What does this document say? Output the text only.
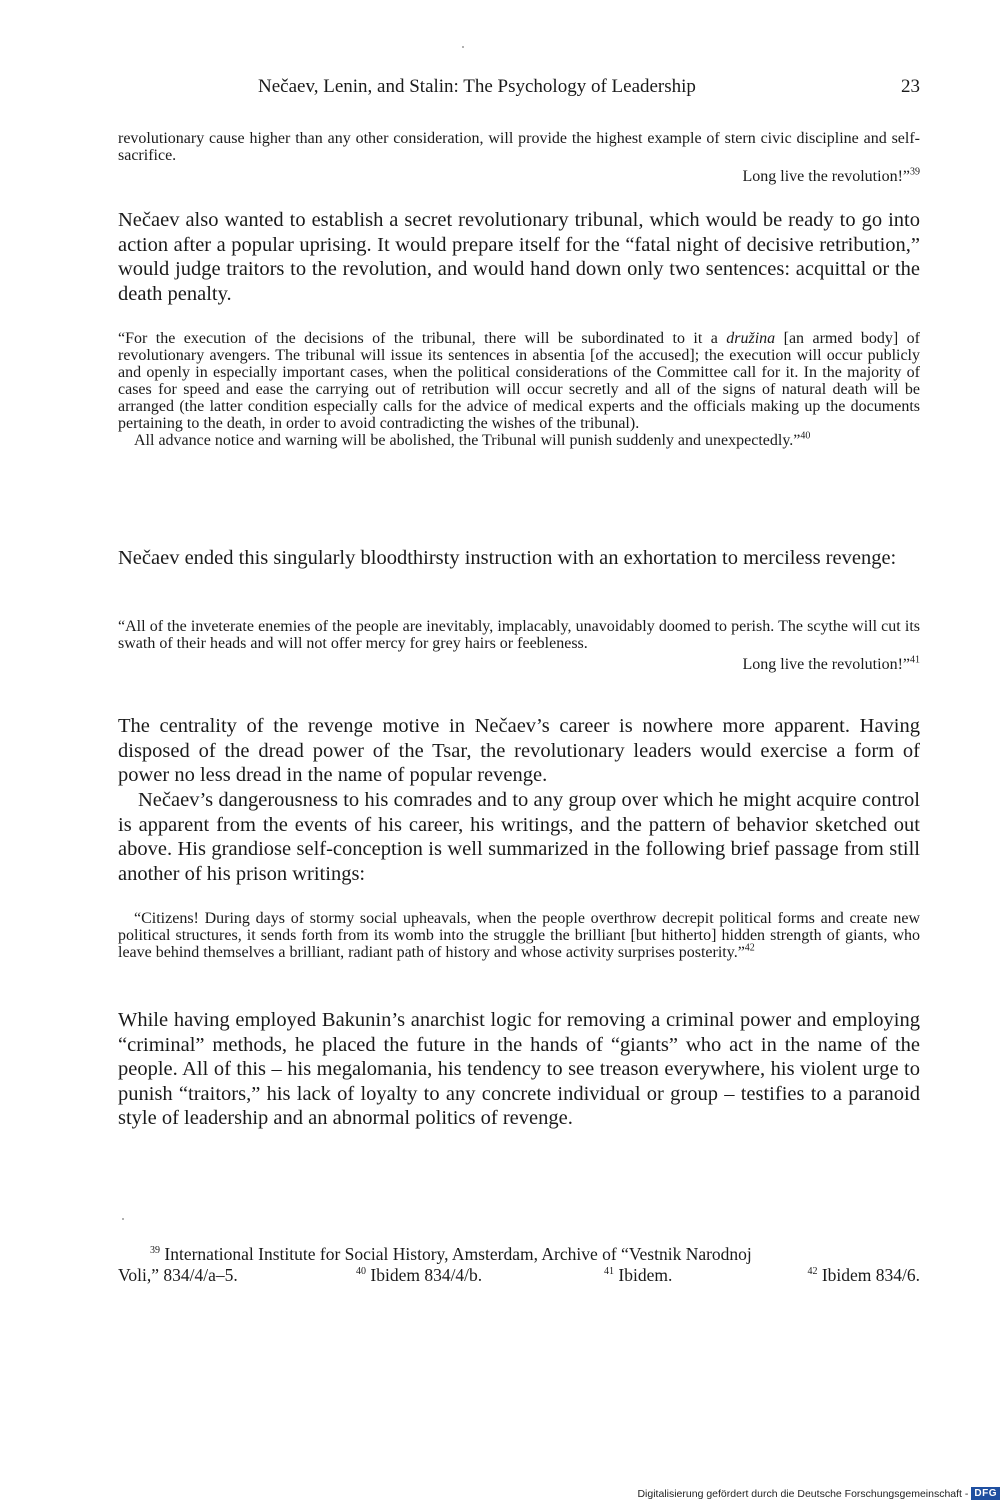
Nečaev, Lenin, and Stalin: The Psychology of Leadership	23

revolutionary cause higher than any other consideration, will provide the highest example of stern civic discipline and self-sacrifice.

Long live the revolution!”$^{39}$

Nečaev also wanted to establish a secret revolutionary tribunal, which would be ready to go into action after a popular uprising. It would prepare itself for the “fatal night of decisive retribution,” would judge traitors to the revolution, and would hand down only two sentences: acquittal or the death penalty.

“For the execution of the decisions of the tribunal, there will be subordinated to it a družina [an armed body] of revolutionary avengers. The tribunal will issue its sentences in absentia [of the accused]; the execution will occur publicly and openly in especially important cases, when the political considerations of the Committee call for it. In the majority of cases for speed and ease the carrying out of retribution will occur secretly and all of the signs of natural death will be arranged (the latter condition especially calls for the advice of medical experts and the officials making up the documents pertaining to the death, in order to avoid contradicting the wishes of the tribunal).

All advance notice and warning will be abolished, the Tribunal will punish suddenly and unexpectedly.”$^{40}$

Nečaev ended this singularly bloodthirsty instruction with an exhortation to merciless revenge:

“All of the inveterate enemies of the people are inevitably, implacably, unavoidably doomed to perish. The scythe will cut its swath of their heads and will not offer mercy for grey hairs or feebleness.

Long live the revolution!”$^{41}$

The centrality of the revenge motive in Nečaev’s career is nowhere more apparent. Having disposed of the dread power of the Tsar, the revolutionary leaders would exercise a form of power no less dread in the name of popular revenge.

Nečaev’s dangerousness to his comrades and to any group over which he might acquire control is apparent from the events of his career, his writings, and the pattern of behavior sketched out above. His grandiose self-conception is well summarized in the following brief passage from still another of his prison writings:

“Citizens! During days of stormy social upheavals, when the people overthrow decrepit political forms and create new political structures, it sends forth from its womb into the struggle the brilliant [but hitherto] hidden strength of giants, who leave behind themselves a brilliant, radiant path of history and whose activity surprises posterity.”$^{42}$

While having employed Bakunin’s anarchist logic for removing a criminal power and employing “criminal” methods, he placed the future in the hands of “giants” who act in the name of the people. All of this – his megalomania, his tendency to see treason everywhere, his violent urge to punish “traitors,” his lack of loyalty to any concrete individual or group – testifies to a paranoid style of leadership and an abnormal politics of revenge.

$^{39}$ International Institute for Social History, Amsterdam, Archive of “Vestnik Narodnoj
Voli,” 834/4/a–5.	$^{40}$ Ibidem 834/4/b.	$^{41}$ Ibidem.	$^{42}$ Ibidem 834/6.
Digitalisierung gefördert durch die Deutsche Forschungsgemeinschaft - DFG
